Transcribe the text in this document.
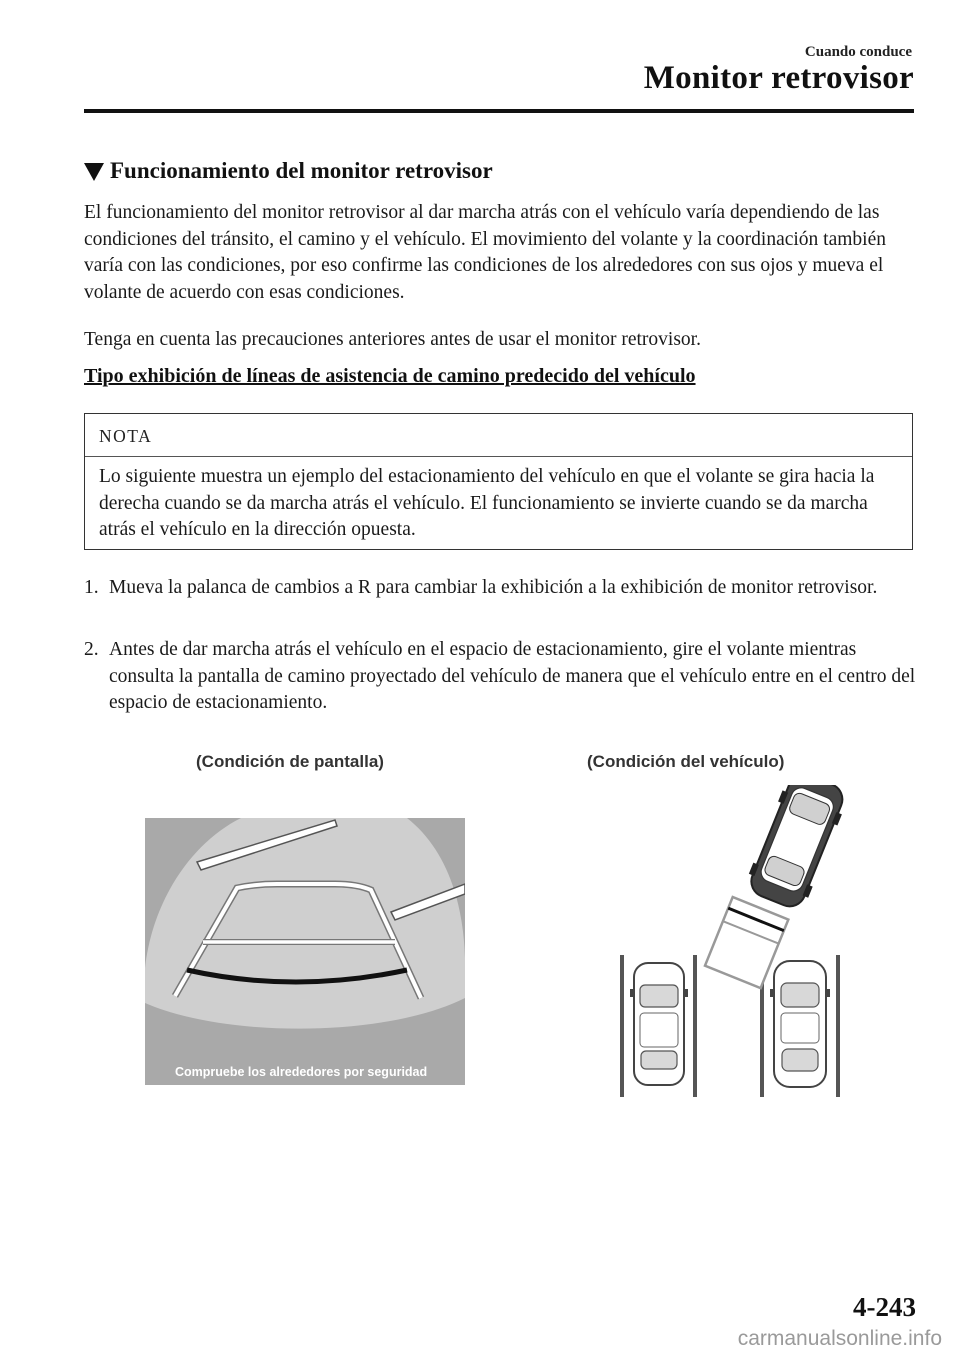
Cuando conduce
Monitor retrovisor
Funcionamiento del monitor retrovisor
El funcionamiento del monitor retrovisor al dar marcha atrás con el vehículo varía dependiendo de las condiciones del tránsito, el camino y el vehículo. El movimiento del volante y la coordinación también varía con las condiciones, por eso confirme las condiciones de los alrededores con sus ojos y mueva el volante de acuerdo con esas condiciones.
Tenga en cuenta las precauciones anteriores antes de usar el monitor retrovisor.
Tipo exhibición de líneas de asistencia de camino predecido del vehículo
NOTA
Lo siguiente muestra un ejemplo del estacionamiento del vehículo en que el volante se gira hacia la derecha cuando se da marcha atrás el vehículo. El funcionamiento se invierte cuando se da marcha atrás el vehículo en la dirección opuesta.
1. Mueva la palanca de cambios a R para cambiar la exhibición a la exhibición de monitor retrovisor.
2. Antes de dar marcha atrás el vehículo en el espacio de estacionamiento, gire el volante mientras consulta la pantalla de camino proyectado del vehículo de manera que el vehículo entre en el centro del espacio de estacionamiento.
(Condición de pantalla)	(Condición del vehículo)
Compruebe los alrededores por seguridad
4-243
carmanualsonline.info
